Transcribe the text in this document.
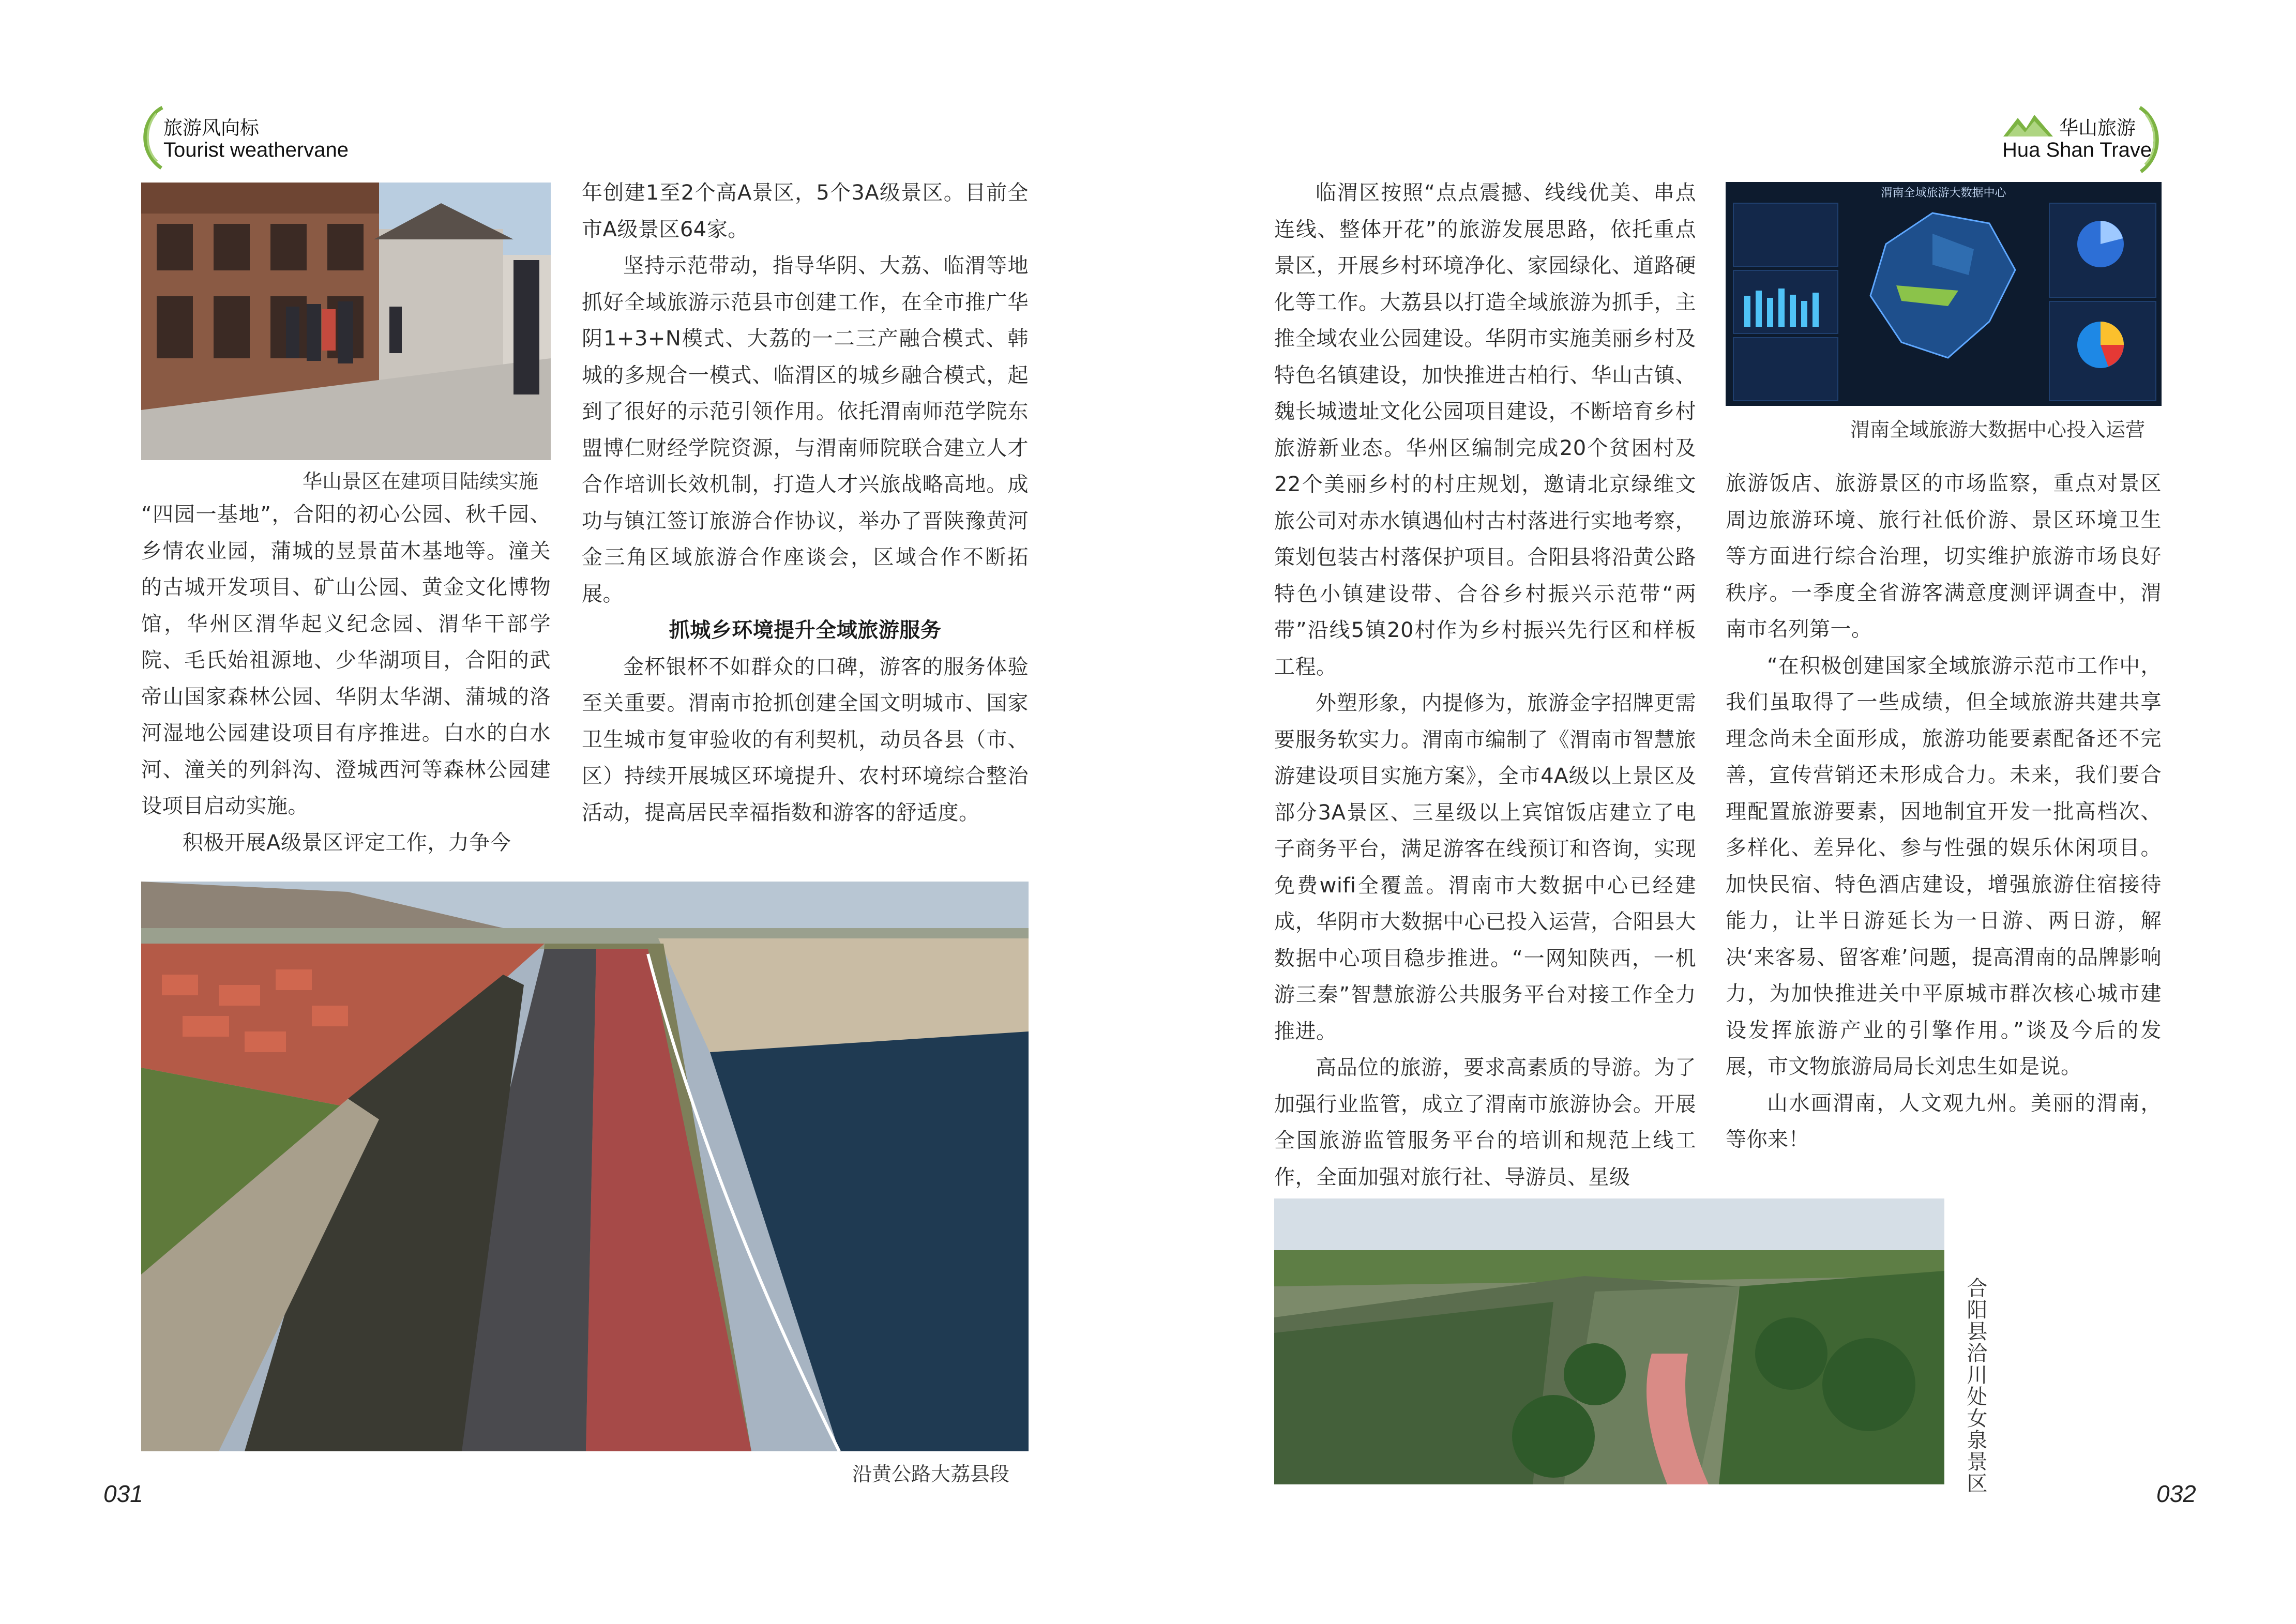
旅游风向标
Tourist weathervane
华山景区在建项目陆续实施

“四园一基地”，合阳的初心公园、秋千园、乡情农业园，蒲城的昱景苗木基地等。潼关的古城开发项目、矿山公园、黄金文化博物馆，华州区渭华起义纪念园、渭华干部学院、毛氏始祖源地、少华湖项目，合阳的武帝山国家森林公园、华阴太华湖、蒲城的洛河湿地公园建设项目有序推进。白水的白水河、潼关的列斜沟、澄城西河等森林公园建设项目启动实施。

积极开展A级景区评定工作，力争今

年创建1至2个高A景区，5个3A级景区。目前全市A级景区64家。

坚持示范带动，指导华阴、大荔、临渭等地抓好全域旅游示范县市创建工作，在全市推广华阴1+3+N模式、大荔的一二三产融合模式、韩城的多规合一模式、临渭区的城乡融合模式，起到了很好的示范引领作用。依托渭南师范学院东盟博仁财经学院资源，与渭南师院联合建立人才合作培训长效机制，打造人才兴旅战略高地。成功与镇江签订旅游合作协议，举办了晋陕豫黄河金三角区域旅游合作座谈会，区域合作不断拓展。

抓城乡环境提升全域旅游服务

金杯银杯不如群众的口碑，游客的服务体验至关重要。渭南市抢抓创建全国文明城市、国家卫生城市复审验收的有利契机，动员各县（市、区）持续开展城区环境提升、农村环境综合整治活动，提高居民幸福指数和游客的舒适度。

沿黄公路大荔县段
031
华山旅游
Hua Shan Travel

临渭区按照“点点震撼、线线优美、串点连线、整体开花”的旅游发展思路，依托重点景区，开展乡村环境净化、家园绿化、道路硬化等工作。大荔县以打造全域旅游为抓手，主推全域农业公园建设。华阴市实施美丽乡村及特色名镇建设，加快推进古柏行、华山古镇、魏长城遗址文化公园项目建设，不断培育乡村旅游新业态。华州区编制完成20个贫困村及22个美丽乡村的村庄规划，邀请北京绿维文旅公司对赤水镇遇仙村古村落进行实地考察，策划包装古村落保护项目。合阳县将沿黄公路特色小镇建设带、合谷乡村振兴示范带“两带”沿线5镇20村作为乡村振兴先行区和样板工程。

外塑形象，内提修为，旅游金字招牌更需要服务软实力。渭南市编制了《渭南市智慧旅游建设项目实施方案》，全市4A级以上景区及部分3A景区、三星级以上宾馆饭店建立了电子商务平台，满足游客在线预订和咨询，实现免费wifi全覆盖。渭南市大数据中心已经建成，华阴市大数据中心已投入运营，合阳县大数据中心项目稳步推进。“一网知陕西，一机游三秦”智慧旅游公共服务平台对接工作全力推进。

高品位的旅游，要求高素质的导游。为了加强行业监管，成立了渭南市旅游协会。开展全国旅游监管服务平台的培训和规范上线工作，全面加强对旅行社、导游员、星级

渭南全域旅游大数据中心
渭南全域旅游大数据中心投入运营

旅游饭店、旅游景区的市场监察，重点对景区周边旅游环境、旅行社低价游、景区环境卫生等方面进行综合治理，切实维护旅游市场良好秩序。一季度全省游客满意度测评调查中，渭南市名列第一。

“在积极创建国家全域旅游示范市工作中，我们虽取得了一些成绩，但全域旅游共建共享理念尚未全面形成，旅游功能要素配备还不完善，宣传营销还未形成合力。未来，我们要合理配置旅游要素，因地制宜开发一批高档次、多样化、差异化、参与性强的娱乐休闲项目。加快民宿、特色酒店建设，增强旅游住宿接待能力，让半日游延长为一日游、两日游，解决‘来客易、留客难’问题，提高渭南的品牌影响力，为加快推进关中平原城市群次核心城市建设发挥旅游产业的引擎作用。”谈及今后的发展，市文物旅游局局长刘忠生如是说。

山水画渭南，人文观九州。美丽的渭南，等你来！

合阳县洽川处女泉景区	032
